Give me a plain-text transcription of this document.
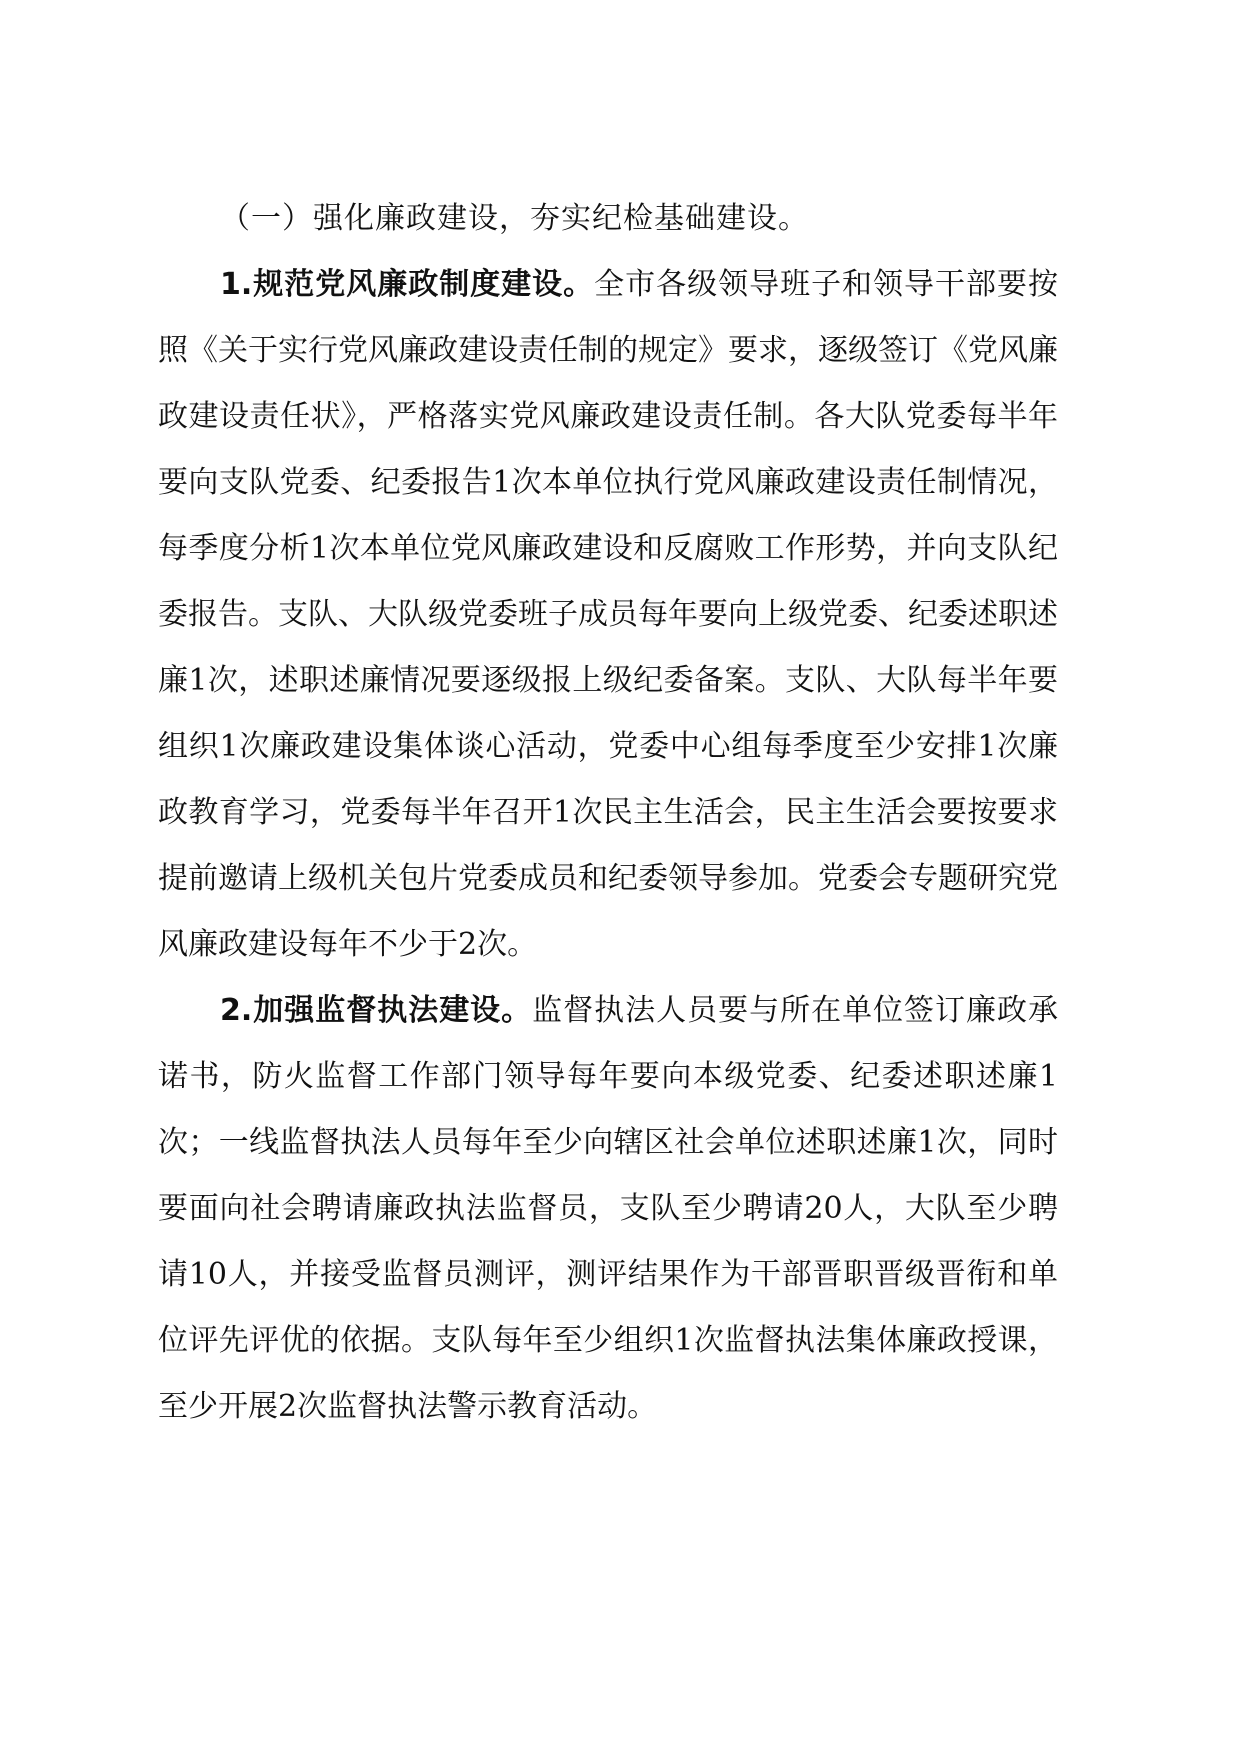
（一）强化廉政建设，夯实纪检基础建设。

1.规范党风廉政制度建设。全市各级领导班子和领导干部要按照《关于实行党风廉政建设责任制的规定》要求，逐级签订《党风廉政建设责任状》，严格落实党风廉政建设责任制。各大队党委每半年要向支队党委、纪委报告1次本单位执行党风廉政建设责任制情况，每季度分析1次本单位党风廉政建设和反腐败工作形势，并向支队纪委报告。支队、大队级党委班子成员每年要向上级党委、纪委述职述廉1次，述职述廉情况要逐级报上级纪委备案。支队、大队每半年要组织1次廉政建设集体谈心活动，党委中心组每季度至少安排1次廉政教育学习，党委每半年召开1次民主生活会，民主生活会要按要求提前邀请上级机关包片党委成员和纪委领导参加。党委会专题研究党风廉政建设每年不少于2次。

2.加强监督执法建设。监督执法人员要与所在单位签订廉政承诺书，防火监督工作部门领导每年要向本级党委、纪委述职述廉1次；一线监督执法人员每年至少向辖区社会单位述职述廉1次，同时要面向社会聘请廉政执法监督员，支队至少聘请20人，大队至少聘请10人，并接受监督员测评，测评结果作为干部晋职晋级晋衔和单位评先评优的依据。支队每年至少组织1次监督执法集体廉政授课，至少开展2次监督执法警示教育活动。
